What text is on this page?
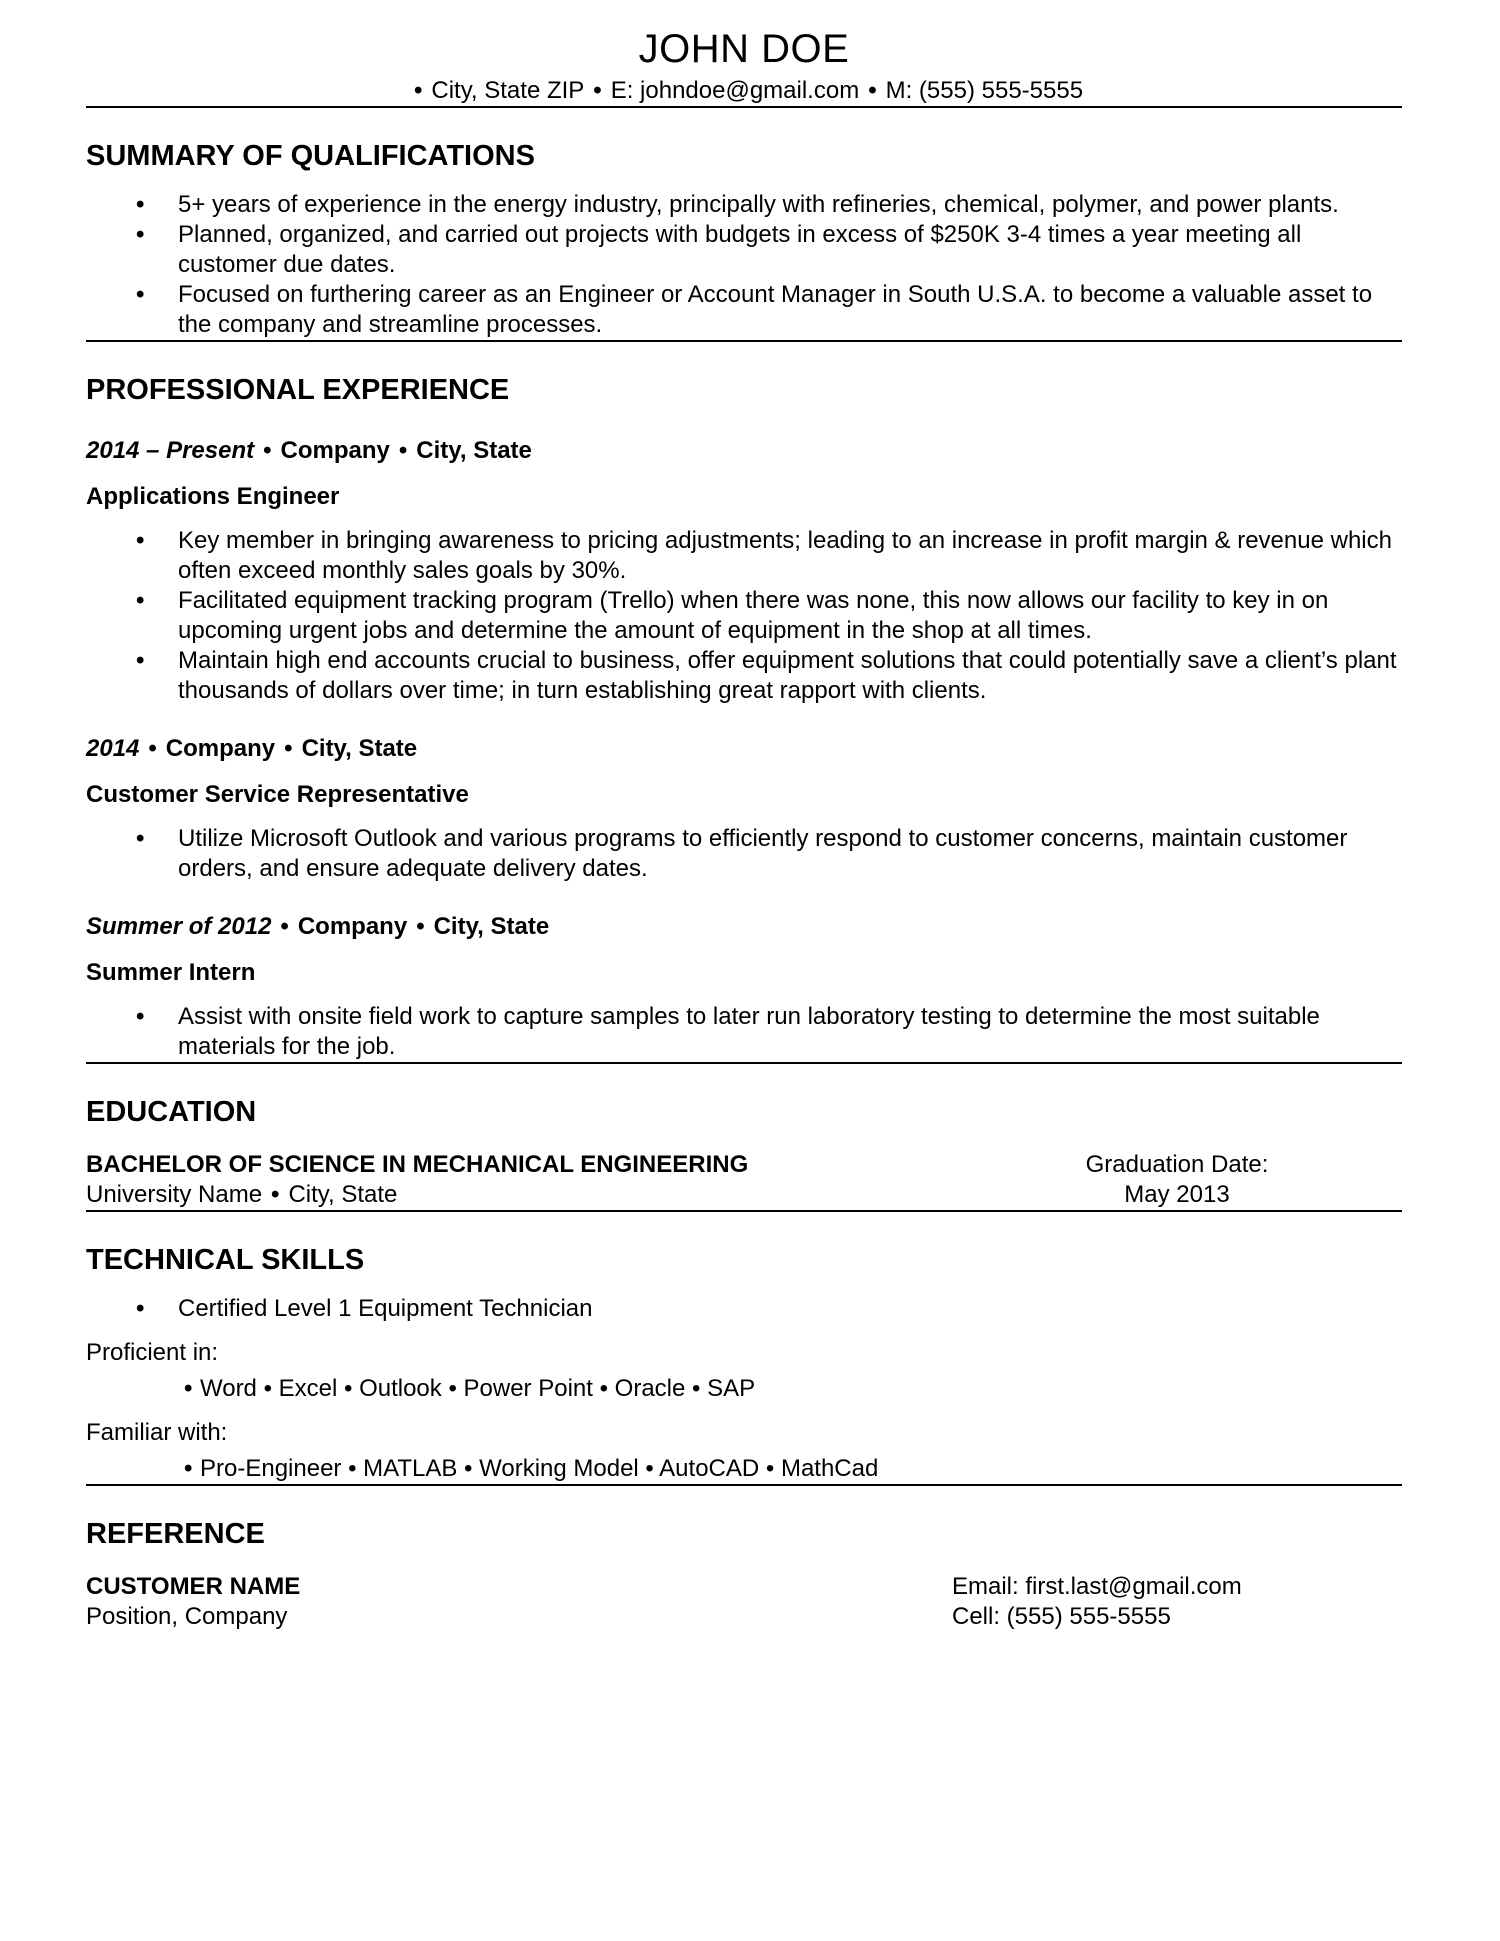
JOHN DOE
• City, State ZIP • E: johndoe@gmail.com • M: (555) 555-5555
SUMMARY OF QUALIFICATIONS
• 5+ years of experience in the energy industry, principally with refineries, chemical, polymer, and power plants.
• Planned, organized, and carried out projects with budgets in excess of $250K 3-4 times a year meeting all customer due dates.
• Focused on furthering career as an Engineer or Account Manager in South U.S.A. to become a valuable asset to the company and streamline processes.
PROFESSIONAL EXPERIENCE
2014 – Present • Company • City, State
Applications Engineer
• Key member in bringing awareness to pricing adjustments; leading to an increase in profit margin & revenue which often exceed monthly sales goals by 30%.
• Facilitated equipment tracking program (Trello) when there was none, this now allows our facility to key in on upcoming urgent jobs and determine the amount of equipment in the shop at all times.
• Maintain high end accounts crucial to business, offer equipment solutions that could potentially save a client’s plant thousands of dollars over time; in turn establishing great rapport with clients.
2014 • Company • City, State
Customer Service Representative
• Utilize Microsoft Outlook and various programs to efficiently respond to customer concerns, maintain customer orders, and ensure adequate delivery dates.
Summer of 2012 • Company • City, State
Summer Intern
• Assist with onsite field work to capture samples to later run laboratory testing to determine the most suitable materials for the job.
EDUCATION
BACHELOR OF SCIENCE IN MECHANICAL ENGINEERING
University Name • City, State
Graduation Date:
May 2013
TECHNICAL SKILLS
• Certified Level 1 Equipment Technician
Proficient in:
• Word • Excel • Outlook • Power Point • Oracle • SAP
Familiar with:
• Pro-Engineer • MATLAB • Working Model • AutoCAD • MathCad
REFERENCE
CUSTOMER NAME
Position, Company
Email: first.last@gmail.com
Cell: (555) 555-5555
